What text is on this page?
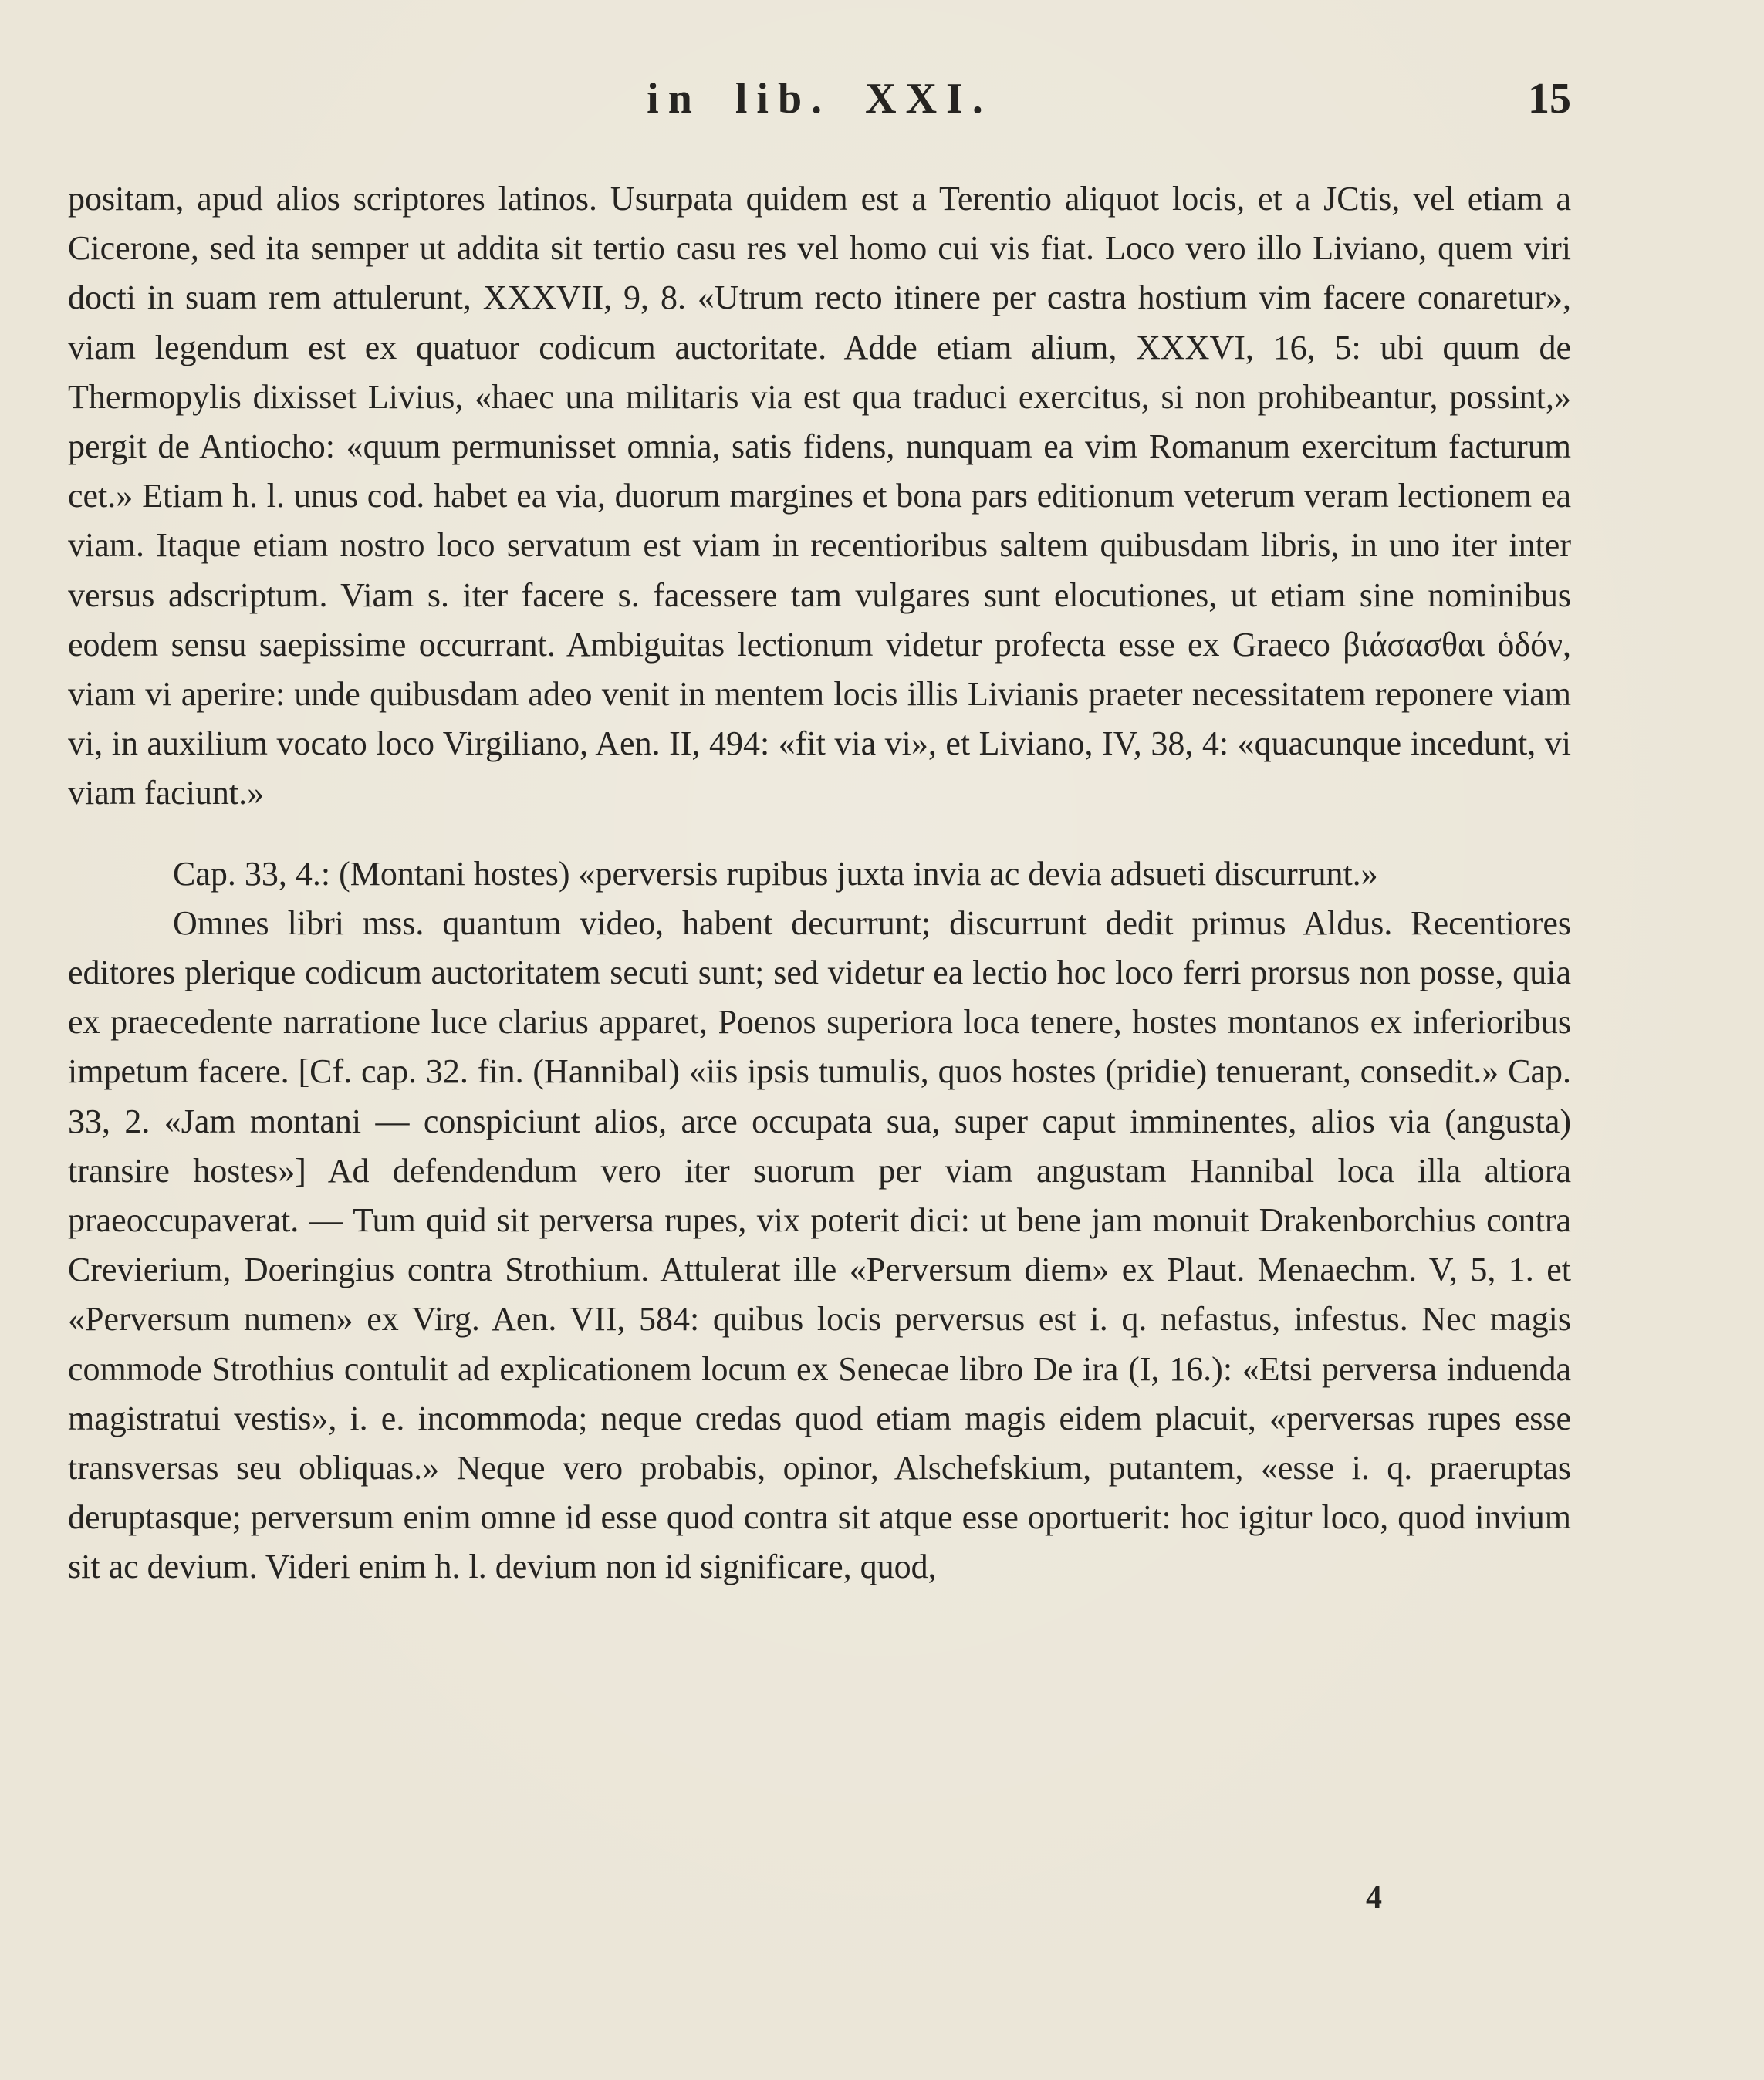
in lib. XXI.	15

positam, apud alios scriptores latinos. Usurpata quidem est a Terentio aliquot locis, et a JCtis, vel etiam a Cicerone, sed ita semper ut addita sit tertio casu res vel homo cui vis fiat. Loco vero illo Liviano, quem viri docti in suam rem attulerunt, XXXVII, 9, 8. «Utrum recto itinere per castra hostium vim facere conaretur», viam legendum est ex quatuor codicum auctoritate. Adde etiam alium, XXXVI, 16, 5: ubi quum de Thermopylis dixisset Livius, «haec una militaris via est qua traduci exercitus, si non prohibeantur, possint,» pergit de Antiocho: «quum permunisset omnia, satis fidens, nunquam ea vim Romanum exercitum facturum cet.» Etiam h. l. unus cod. habet ea via, duorum margines et bona pars editionum veterum veram lectionem ea viam. Itaque etiam nostro loco servatum est viam in recentioribus saltem quibusdam libris, in uno iter inter versus adscriptum. Viam s. iter facere s. facessere tam vulgares sunt elocutiones, ut etiam sine nominibus eodem sensu saepissime occurrant. Ambiguitas lectionum videtur profecta esse ex Graeco βιάσασθαι ὁδόν, viam vi aperire: unde quibusdam adeo venit in mentem locis illis Livianis praeter necessitatem reponere viam vi, in auxilium vocato loco Virgiliano, Aen. II, 494: «fit via vi», et Liviano, IV, 38, 4: «quacunque incedunt, vi viam faciunt.»

Cap. 33, 4.: (Montani hostes) «perversis rupibus juxta invia ac devia adsueti discurrunt.»

Omnes libri mss. quantum video, habent decurrunt; discurrunt dedit primus Aldus. Recentiores editores plerique codicum auctoritatem secuti sunt; sed videtur ea lectio hoc loco ferri prorsus non posse, quia ex praecedente narratione luce clarius apparet, Poenos superiora loca tenere, hostes montanos ex inferioribus impetum facere. [Cf. cap. 32. fin. (Hannibal) «iis ipsis tumulis, quos hostes (pridie) tenuerant, consedit.» Cap. 33, 2. «Jam montani — conspiciunt alios, arce occupata sua, super caput imminentes, alios via (angusta) transire hostes»] Ad defendendum vero iter suorum per viam angustam Hannibal loca illa altiora praeoccupaverat. — Tum quid sit perversa rupes, vix poterit dici: ut bene jam monuit Drakenborchius contra Crevierium, Doeringius contra Strothium. Attulerat ille «Perversum diem» ex Plaut. Menaechm. V, 5, 1. et «Perversum numen» ex Virg. Aen. VII, 584: quibus locis perversus est i. q. nefastus, infestus. Nec magis commode Strothius contulit ad explicationem locum ex Senecae libro De ira (I, 16.): «Etsi perversa induenda magistratui vestis», i. e. incommoda; neque credas quod etiam magis eidem placuit, «perversas rupes esse transversas seu obliquas.» Neque vero probabis, opinor, Alschefskium, putantem, «esse i. q. praeruptas deruptasque; perversum enim omne id esse quod contra sit atque esse oportuerit: hoc igitur loco, quod invium sit ac devium. Videri enim h. l. devium non id significare, quod,

4
